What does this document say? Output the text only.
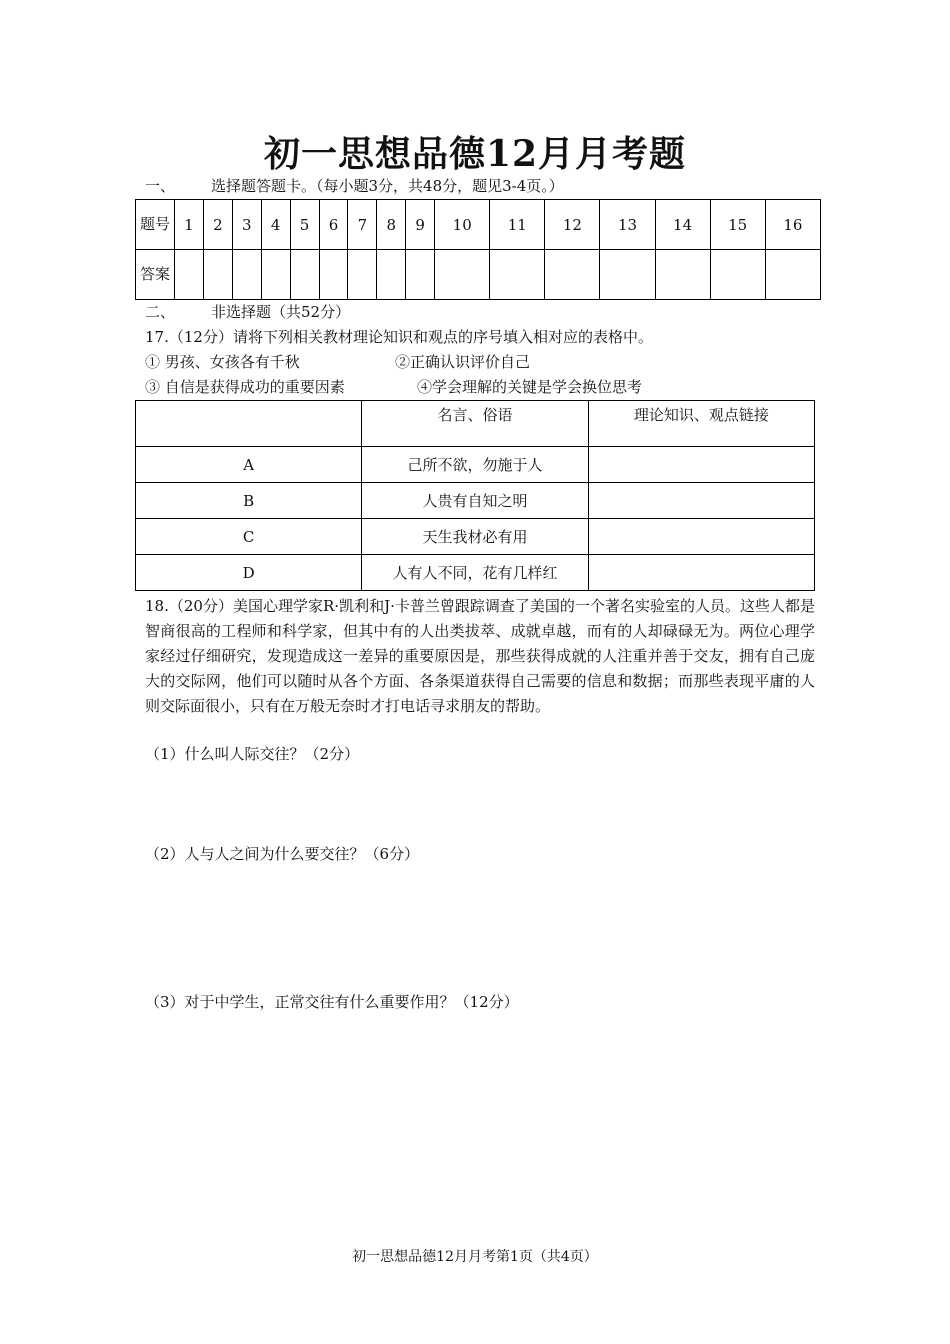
初一思想品德12月月考题
一、 选择题答题卡。（每小题3分，共48分，题见3-4页。）
题号	1	2	3	4	5	6	7	8	9	10	11	12	13	14	15	16
答案																
二、 非选择题（共52分）
17.（12分）请将下列相关教材理论知识和观点的序号填入相对应的表格中。
① 男孩、女孩各有千秋	②正确认识评价自己
③ 自信是获得成功的重要因素	④学会理解的关键是学会换位思考
	名言、俗语	理论知识、观点链接
A	己所不欲，勿施于人	
B	人贵有自知之明	
C	天生我材必有用	
D	人有人不同，花有几样红	
18.（20分）美国心理学家R·凯利和J·卡普兰曾跟踪调查了美国的一个著名实验室的人员。这些人都是智商很高的工程师和科学家，但其中有的人出类拔萃、成就卓越，而有的人却碌碌无为。两位心理学家经过仔细研究，发现造成这一差异的重要原因是，那些获得成就的人注重并善于交友，拥有自己庞大的交际网，他们可以随时从各个方面、各条渠道获得自己需要的信息和数据；而那些表现平庸的人则交际面很小，只有在万般无奈时才打电话寻求朋友的帮助。
（1）什么叫人际交往？（2分）
（2）人与人之间为什么要交往？（6分）
（3）对于中学生，正常交往有什么重要作用？（12分）
初一思想品德12月月考第1页（共4页）
